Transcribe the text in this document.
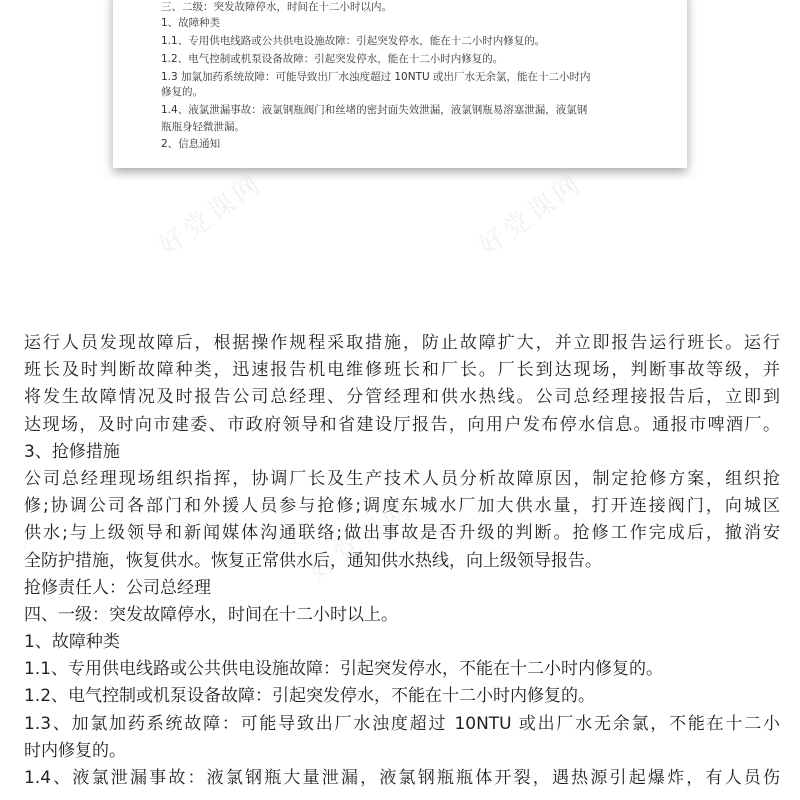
三、二级：突发故障停水，时间在十二小时以内。
1、故障种类
1.1、专用供电线路或公共供电设施故障：引起突发停水，能在十二小时内修复的。
1.2、电气控制或机泵设备故障：引起突发停水，能在十二小时内修复的。
1.3 加氯加药系统故障：可能导致出厂水浊度超过 10NTU 或出厂水无余氯，能在十二小时内
修复的。
1.4、液氯泄漏事故：液氯钢瓶阀门和丝堵的密封面失效泄漏，液氯钢瓶易溶塞泄漏，液氯钢
瓶瓶身轻微泄漏。
2、信息通知
好党课网	好党课网
好党课网
运行人员发现故障后，根据操作规程采取措施，防止故障扩大，并立即报告运行班长。运行
班长及时判断故障种类，迅速报告机电维修班长和厂长。厂长到达现场，判断事故等级，并
将发生故障情况及时报告公司总经理、分管经理和供水热线。公司总经理接报告后，立即到
达现场，及时向市建委、市政府领导和省建设厅报告，向用户发布停水信息。通报市啤酒厂。
3、抢修措施
公司总经理现场组织指挥，协调厂长及生产技术人员分析故障原因，制定抢修方案，组织抢
修;协调公司各部门和外援人员参与抢修;调度东城水厂加大供水量，打开连接阀门，向城区
供水;与上级领导和新闻媒体沟通联络;做出事故是否升级的判断。抢修工作完成后，撤消安
全防护措施，恢复供水。恢复正常供水后，通知供水热线，向上级领导报告。
抢修责任人：公司总经理
四、一级：突发故障停水，时间在十二小时以上。
1、故障种类
1.1、专用供电线路或公共供电设施故障：引起突发停水，不能在十二小时内修复的。
1.2、电气控制或机泵设备故障：引起突发停水，不能在十二小时内修复的。
1.3、加氯加药系统故障：可能导致出厂水浊度超过 10NTU 或出厂水无余氯，不能在十二小
时内修复的。
1.4、液氯泄漏事故：液氯钢瓶大量泄漏，液氯钢瓶瓶体开裂，遇热源引起爆炸，有人员伤
